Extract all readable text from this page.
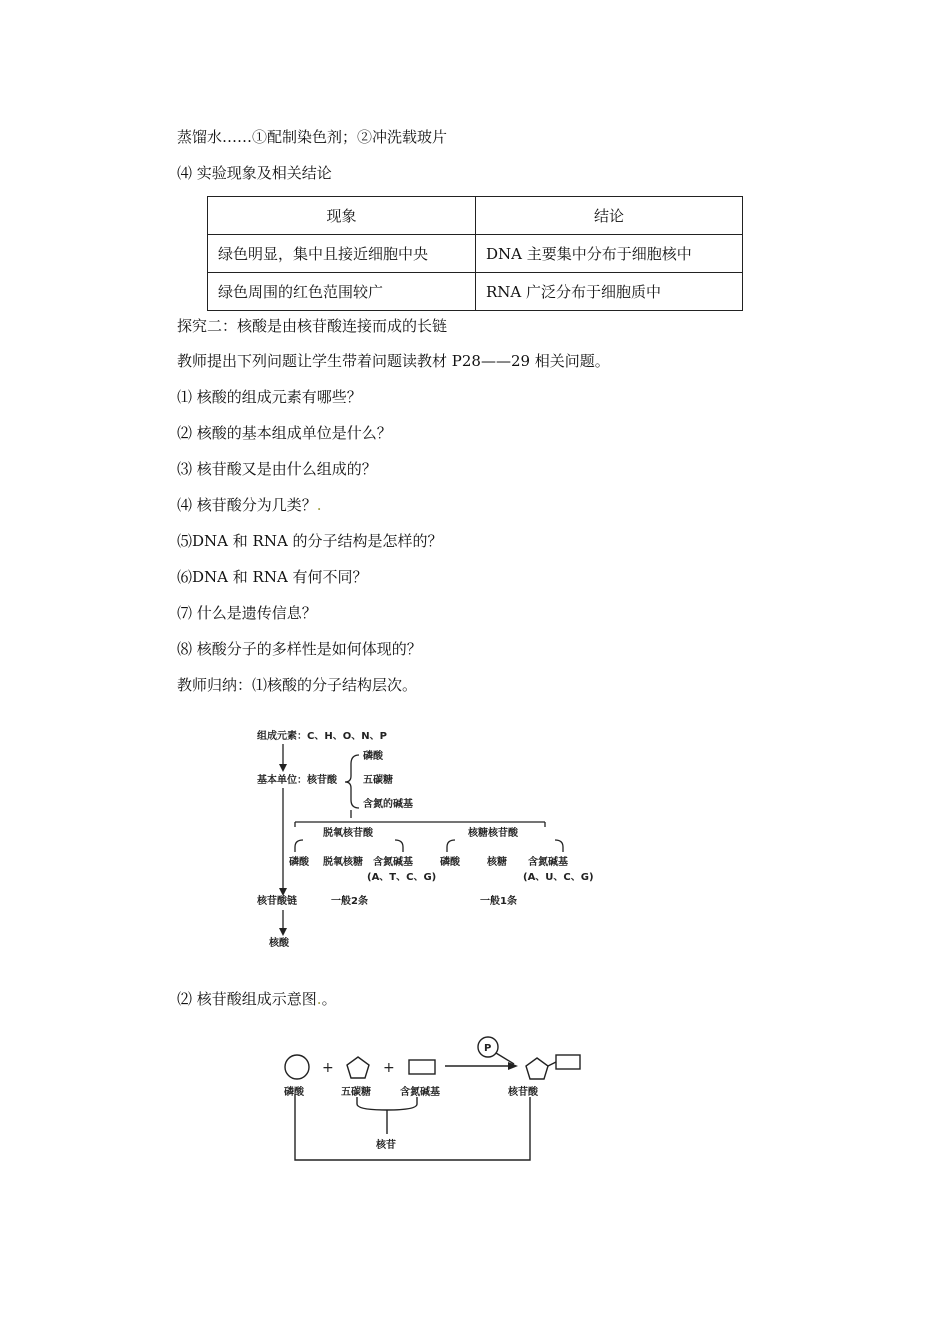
蒸馏水……①配制染色剂；②冲洗载玻片
⑷ 实验现象及相关结论
现象	结论
绿色明显，集中且接近细胞中央	DNA 主要集中分布于细胞核中
绿色周围的红色范围较广	RNA 广泛分布于细胞质中
探究二：核酸是由核苷酸连接而成的长链
教师提出下列问题让学生带着问题读教材 P28——29 相关问题。
⑴ 核酸的组成元素有哪些？
⑵ 核酸的基本组成单位是什么？
⑶ 核苷酸又是由什么组成的？
⑷ 核苷酸分为几类？.
⑸DNA 和 RNA 的分子结构是怎样的？
⑹DNA 和 RNA 有何不同？
⑺ 什么是遗传信息？
⑻ 核酸分子的多样性是如何体现的？
教师归纳：⑴核酸的分子结构层次。
组成元素：C、H、O、N、P
基本单位：核苷酸
磷酸
五碳糖
含氮的碱基
脱氧核苷酸	核糖核苷酸
磷酸 脱氧核糖 含氮碱基
(A、T、C、G)
磷酸	核糖 含氮碱基
(A、U、C、G)
核苷酸链	一般2条	一般1条
核酸
⑵ 核苷酸组成示意图.。
+	+
P
磷酸	五碳糖	含氮碱基	核苷酸
核苷
